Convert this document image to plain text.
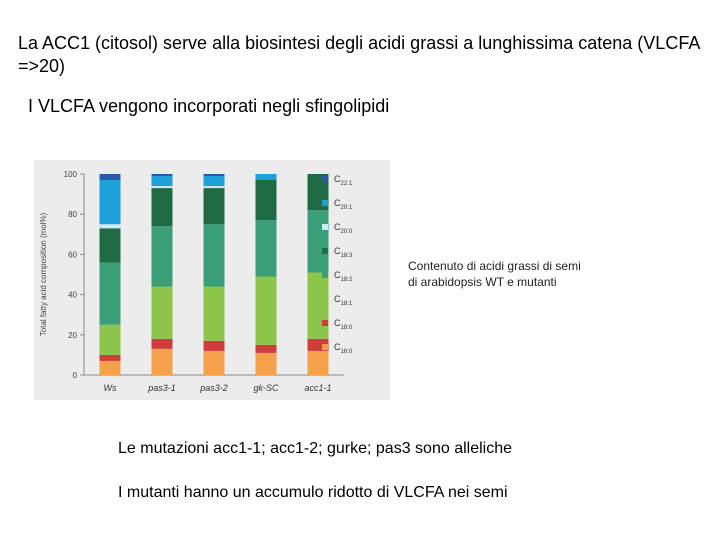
La ACC1 (citosol) serve alla biosintesi degli acidi grassi a lunghissima catena (VLCFA =>20)
I VLCFA vengono incorporati negli sfingolipidi
0
20
40
60
80
100
Total fatty acid composition (mol%)
Ws	pas3-1	pas3-2	gk-SC	acc1-1
$C_{22:1}$
$C_{20:1}$
$C_{20:0}$
$C_{18:3}$
$C_{18:2}$
$C_{18:1}$
$C_{18:0}$
$C_{16:0}$
Contenuto di acidi grassi di semi
di arabidopsis WT e mutanti
Le mutazioni acc1-1; acc1-2; gurke; pas3 sono alleliche
I mutanti hanno un accumulo ridotto di VLCFA nei semi
